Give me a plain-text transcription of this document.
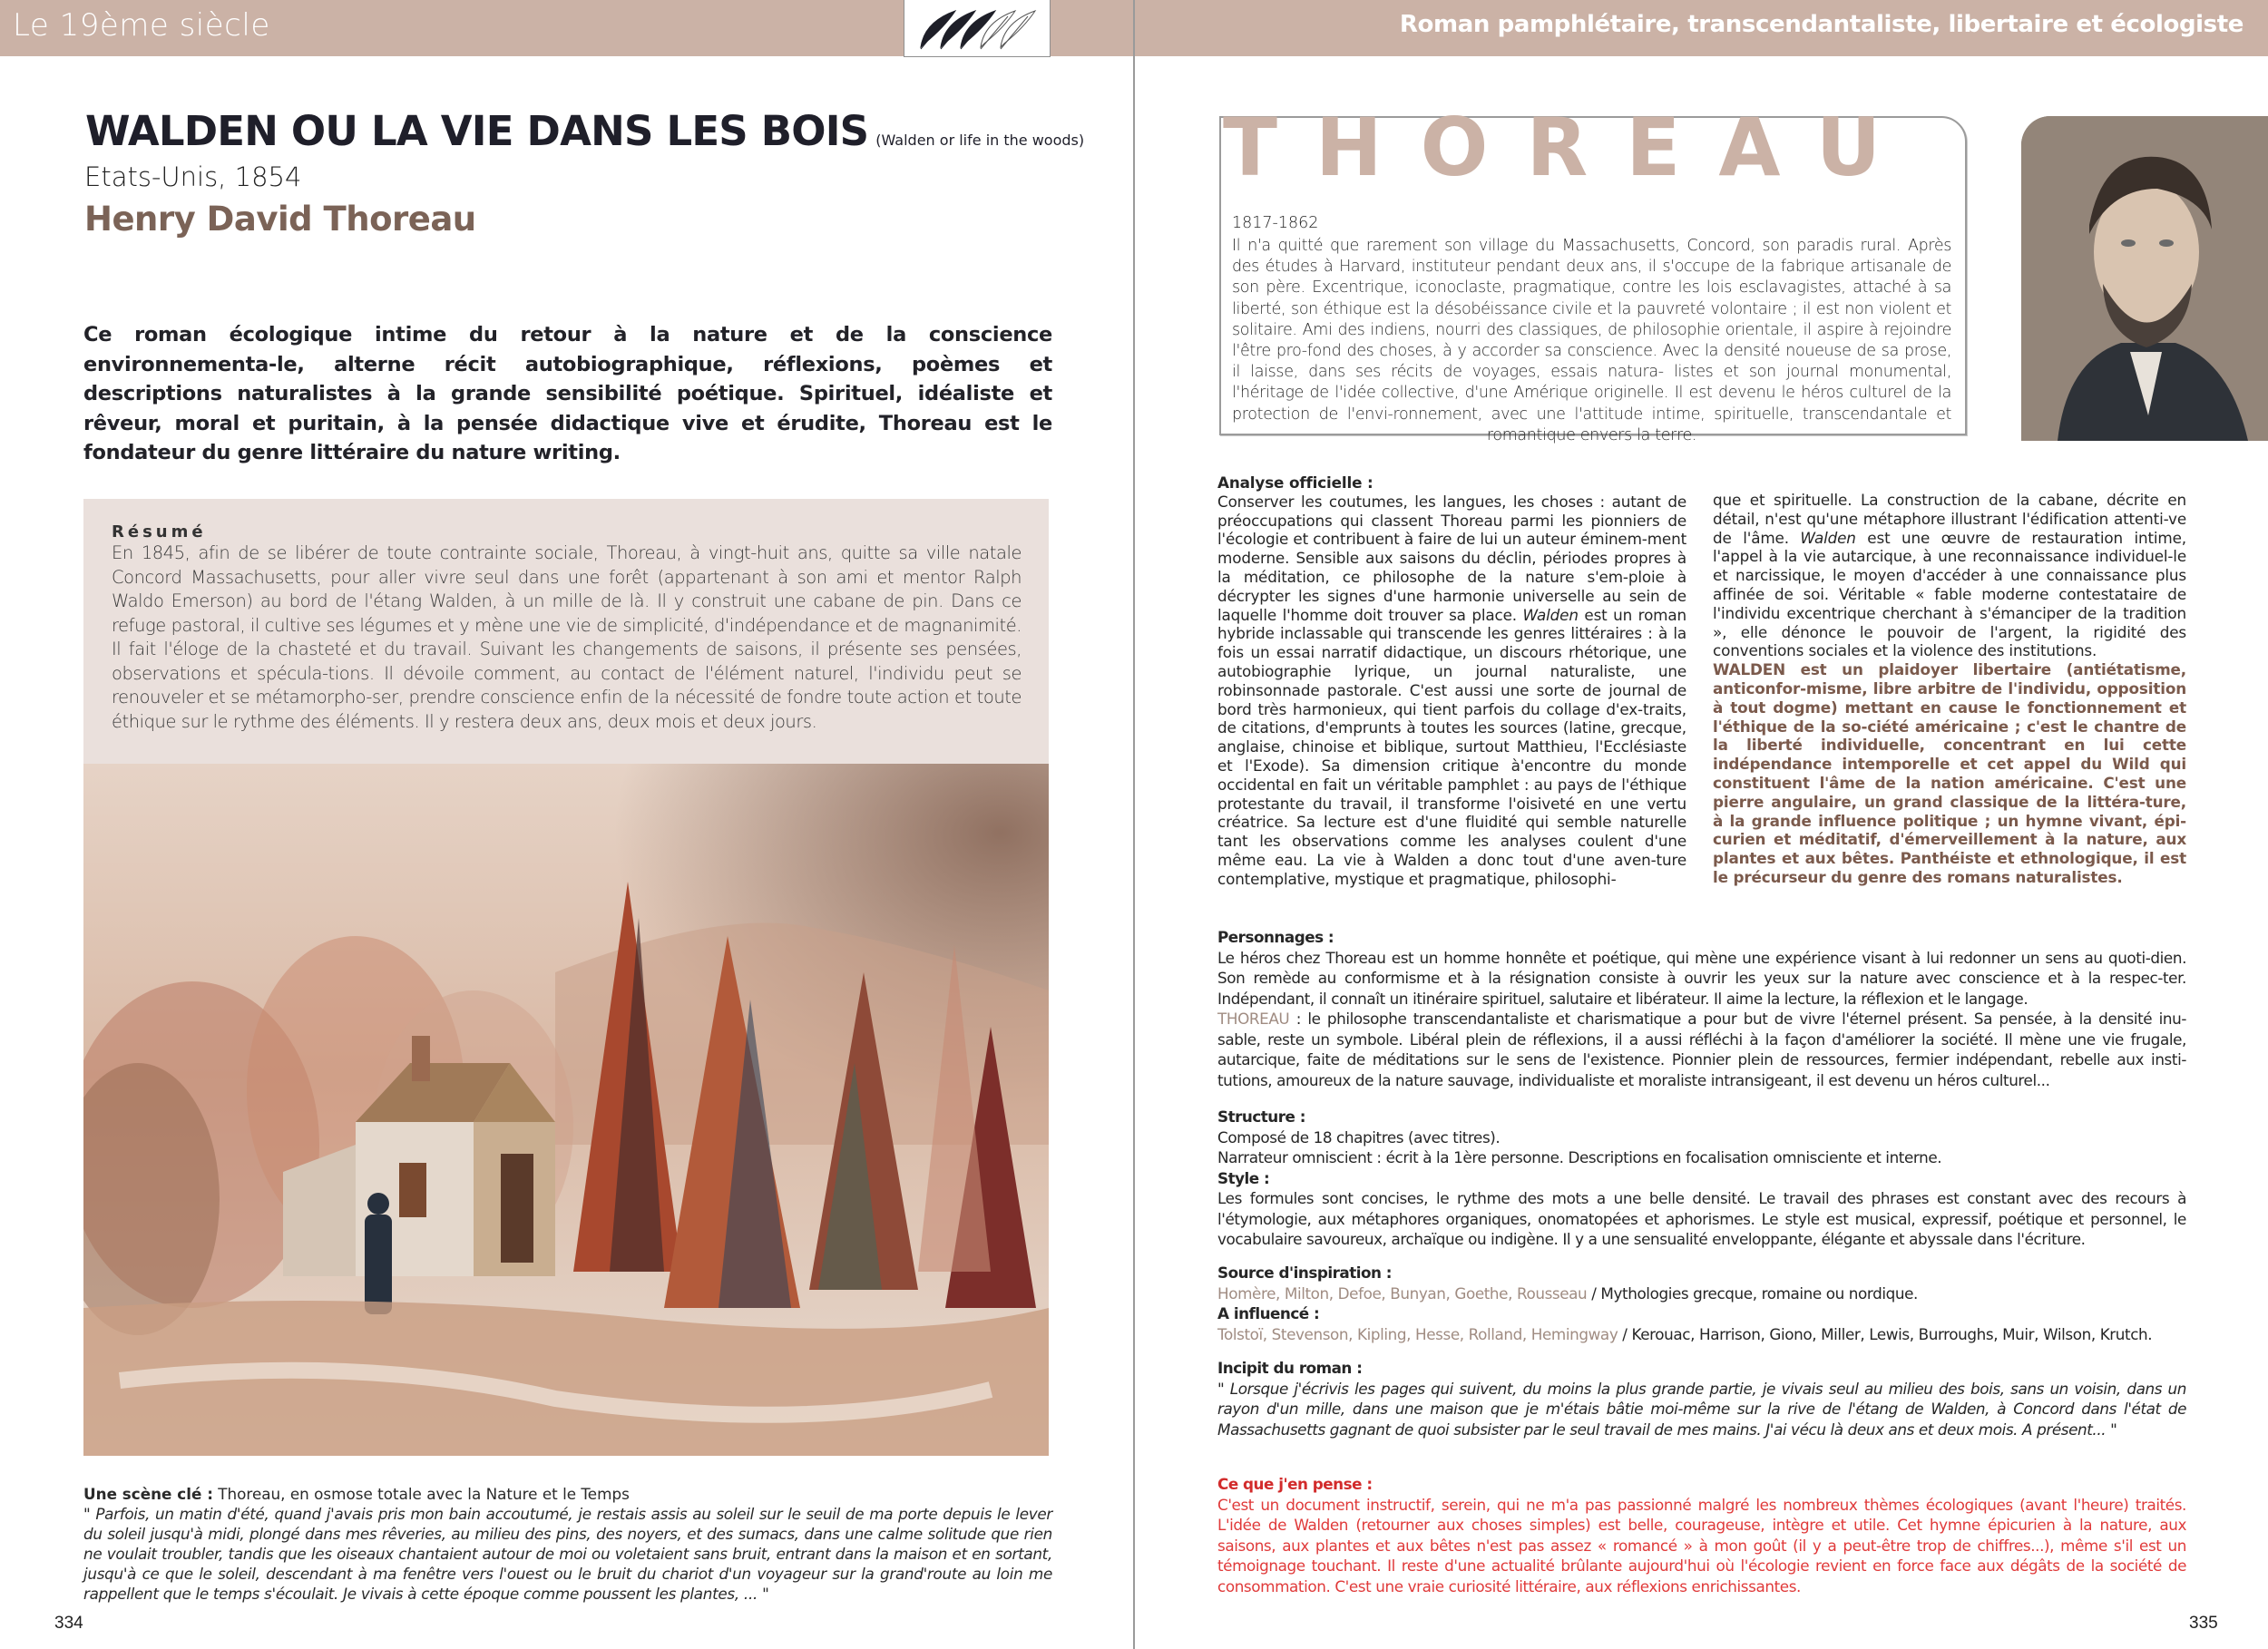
Le 19ème siècle	Roman pamphlétaire, transcendantaliste, libertaire et écologiste
WALDEN OU LA VIE DANS LES BOIS (Walden or life in the woods)
Etats-Unis, 1854
Henry David Thoreau
Ce roman écologique intime du retour à la nature et de la conscience environnementa-le, alterne récit autobiographique, réflexions, poèmes et descriptions naturalistes à la grande sensibilité poétique. Spirituel, idéaliste et rêveur, moral et puritain, à la pensée didactique vive et érudite, Thoreau est le fondateur du genre littéraire du nature writing.
Résumé
En 1845, afin de se libérer de toute contrainte sociale, Thoreau, à vingt-huit ans, quitte sa ville natale Concord Massachusetts, pour aller vivre seul dans une forêt (appartenant à son ami et mentor Ralph Waldo Emerson) au bord de l'étang Walden, à un mille de là. Il y construit une cabane de pin. Dans ce refuge pastoral, il cultive ses légumes et y mène une vie de simplicité, d'indépendance et de magnanimité. Il fait l'éloge de la chasteté et du travail. Suivant les changements de saisons, il présente ses pensées, observations et spécula-tions. Il dévoile comment, au contact de l'élément naturel, l'individu peut se renouveler et se métamorpho-ser, prendre conscience enfin de la nécessité de fondre toute action et toute éthique sur le rythme des éléments. Il y restera deux ans, deux mois et deux jours.
Une scène clé : Thoreau, en osmose totale avec la Nature et le Temps
" Parfois, un matin d'été, quand j'avais pris mon bain accoutumé, je restais assis au soleil sur le seuil de ma porte depuis le lever du soleil jusqu'à midi, plongé dans mes rêveries, au milieu des pins, des noyers, et des sumacs, dans une calme solitude que rien ne voulait troubler, tandis que les oiseaux chantaient autour de moi ou voletaient sans bruit, entrant dans la maison et en sortant, jusqu'à ce que le soleil, descendant à ma fenêtre vers l'ouest ou le bruit du chariot d'un voyageur sur la grand'route au loin me rappellent que le temps s'écoulait. Je vivais à cette époque comme poussent les plantes, ... "
334
THOREAU
1817-1862
Il n'a quitté que rarement son village du Massachusetts, Concord, son paradis rural. Après des études à Harvard, instituteur pendant deux ans, il s'occupe de la fabrique artisanale de son père. Excentrique, iconoclaste, pragmatique, contre les lois esclavagistes, attaché à sa liberté, son éthique est la désobéissance civile et la pauvreté volontaire ; il est non violent et solitaire. Ami des indiens, nourri des classiques, de philosophie orientale, il aspire à rejoindre l'être pro-fond des choses, à y accorder sa conscience. Avec la densité noueuse de sa prose, il laisse, dans ses récits de voyages, essais natura- listes et son journal monumental, l'héritage de l'idée collective, d'une Amérique originelle. Il est devenu le héros culturel de la protection de l'envi-ronnement, avec une l'attitude intime, spirituelle, transcendantale et romantique envers la terre.
Analyse officielle :
Conserver les coutumes, les langues, les choses : autant de préoccupations qui classent Thoreau parmi les pionniers de l'écologie et contribuent à faire de lui un auteur éminem-ment moderne. Sensible aux saisons du déclin, périodes propres à la méditation, ce philosophe de la nature s'em-ploie à décrypter les signes d'une harmonie universelle au sein de laquelle l'homme doit trouver sa place. Walden est un roman hybride inclassable qui transcende les genres littéraires : à la fois un essai narratif didactique, un discours rhétorique, une autobiographie lyrique, un journal naturaliste, une robinsonnade pastorale. C'est aussi une sorte de journal de bord très harmonieux, qui tient parfois du collage d'ex-traits, de citations, d'emprunts à toutes les sources (latine, grecque, anglaise, chinoise et biblique, surtout Matthieu, l'Ecclésiaste et l'Exode). Sa dimension critique à'encontre du monde occidental en fait un véritable pamphlet : au pays de l'éthique protestante du travail, il transforme l'oisiveté en une vertu créatrice. Sa lecture est d'une fluidité qui semble naturelle tant les observations comme les analyses coulent d'une même eau. La vie à Walden a donc tout d'une aven-ture contemplative, mystique et pragmatique, philosophi-
que et spirituelle. La construction de la cabane, décrite en détail, n'est qu'une métaphore illustrant l'édification attenti-ve de l'âme. Walden est une œuvre de restauration intime, l'appel à la vie autarcique, à une reconnaissance individuel-le et narcissique, le moyen d'accéder à une connaissance plus affinée de soi. Véritable « fable moderne contestataire de l'individu excentrique cherchant à s'émanciper de la tradition », elle dénonce le pouvoir de l'argent, la rigidité des conventions sociales et la violence des institutions.
WALDEN est un plaidoyer libertaire (antiétatisme, anticonfor-misme, libre arbitre de l'individu, opposition à tout dogme) mettant en cause le fonctionnement et l'éthique de la so-ciété américaine ; c'est le chantre de la liberté individuelle, concentrant en lui cette indépendance intemporelle et cet appel du Wild qui constituent l'âme de la nation américaine. C'est une pierre angulaire, un grand classique de la littéra-ture, à la grande influence politique ; un hymne vivant, épi-curien et méditatif, d'émerveillement à la nature, aux plantes et aux bêtes. Panthéiste et ethnologique, il est le précurseur du genre des romans naturalistes.
Personnages :
Le héros chez Thoreau est un homme honnête et poétique, qui mène une expérience visant à lui redonner un sens au quoti-dien. Son remède au conformisme et à la résignation consiste à ouvrir les yeux sur la nature avec conscience et à la respec-ter. Indépendant, il connaît un itinéraire spirituel, salutaire et libérateur. Il aime la lecture, la réflexion et le langage.
THOREAU : le philosophe transcendantaliste et charismatique a pour but de vivre l'éternel présent. Sa pensée, à la densité inu-sable, reste un symbole. Libéral plein de réflexions, il a aussi réfléchi à la façon d'améliorer la société. Il mène une vie frugale, autarcique, faite de méditations sur le sens de l'existence. Pionnier plein de ressources, fermier indépendant, rebelle aux insti-tutions, amoureux de la nature sauvage, individualiste et moraliste intransigeant, il est devenu un héros culturel...
Structure :
Composé de 18 chapitres (avec titres).
Narrateur omniscient : écrit à la 1ère personne. Descriptions en focalisation omnisciente et interne.
Style :
Les formules sont concises, le rythme des mots a une belle densité. Le travail des phrases est constant avec des recours à l'étymologie, aux métaphores organiques, onomatopées et aphorismes. Le style est musical, expressif, poétique et personnel, le vocabulaire savoureux, archaïque ou indigène. Il y a une sensualité enveloppante, élégante et abyssale dans l'écriture.
Source d'inspiration :
Homère, Milton, Defoe, Bunyan, Goethe, Rousseau / Mythologies grecque, romaine ou nordique.
A influencé :
Tolstoï, Stevenson, Kipling, Hesse, Rolland, Hemingway / Kerouac, Harrison, Giono, Miller, Lewis, Burroughs, Muir, Wilson, Krutch.
Incipit du roman :
" Lorsque j'écrivis les pages qui suivent, du moins la plus grande partie, je vivais seul au milieu des bois, sans un voisin, dans un rayon d'un mille, dans une maison que je m'étais bâtie moi-même sur la rive de l'étang de Walden, à Concord dans l'état de Massachusetts gagnant de quoi subsister par le seul travail de mes mains. J'ai vécu là deux ans et deux mois. A présent... "
Ce que j'en pense :
C'est un document instructif, serein, qui ne m'a pas passionné malgré les nombreux thèmes écologiques (avant l'heure) traités. L'idée de Walden (retourner aux choses simples) est belle, courageuse, intègre et utile. Cet hymne épicurien à la nature, aux saisons, aux plantes et aux bêtes n'est pas assez « romancé » à mon goût (il y a peut-être trop de chiffres...), même s'il est un témoignage touchant. Il reste d'une actualité brûlante aujourd'hui où l'écologie revient en force face aux dégâts de la société de consommation. C'est une vraie curiosité littéraire, aux réflexions enrichissantes.
335
